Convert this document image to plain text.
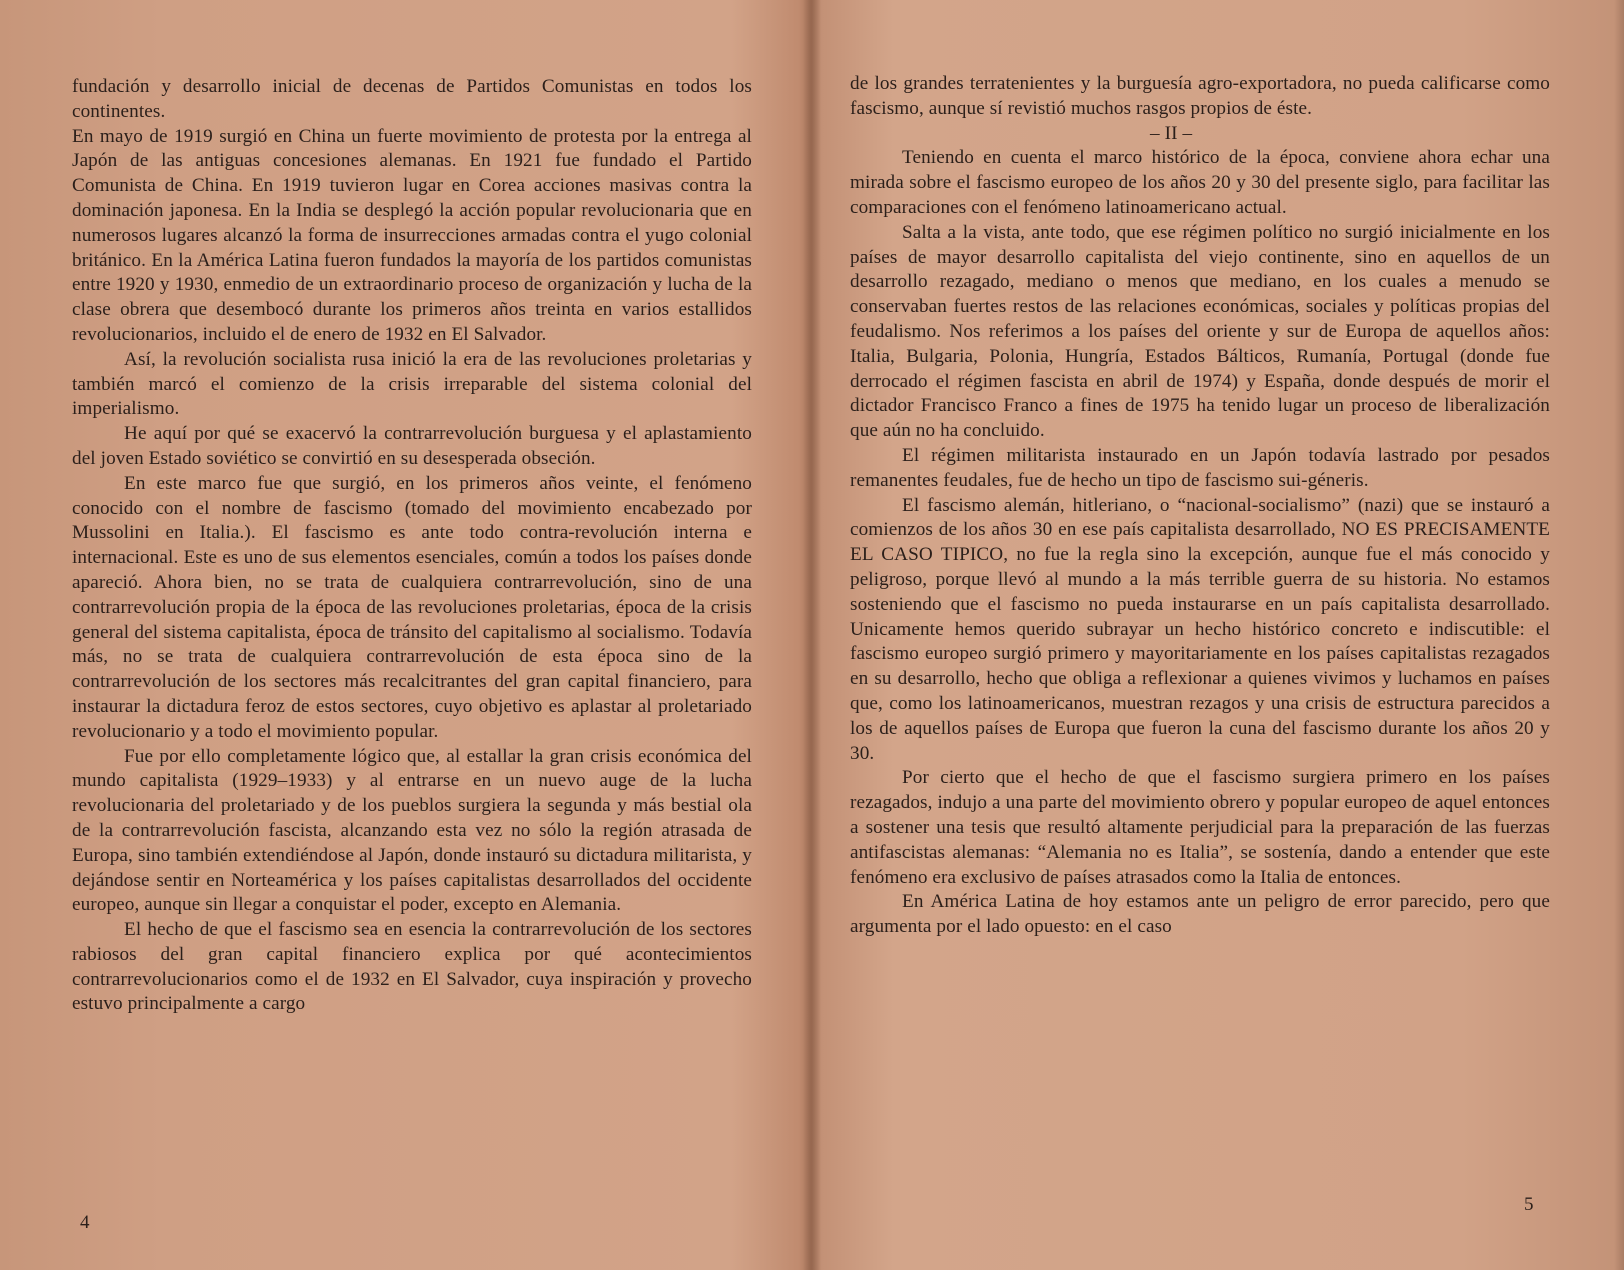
fundación y desarrollo inicial de decenas de Partidos Comunistas en todos los continentes.

En mayo de 1919 surgió en China un fuerte movimiento de protesta por la entrega al Japón de las antiguas concesiones alemanas. En 1921 fue fundado el Partido Comunista de China. En 1919 tuvieron lugar en Corea acciones masivas contra la dominación japonesa. En la India se desplegó la acción popular revolucionaria que en numerosos lugares alcanzó la forma de insurrecciones armadas contra el yugo colonial británico. En la América Latina fueron fundados la mayoría de los partidos comunistas entre 1920 y 1930, enmedio de un extraordinario proceso de organización y lucha de la clase obrera que desembocó durante los primeros años treinta en varios estallidos revolucionarios, incluido el de enero de 1932 en El Salvador.

Así, la revolución socialista rusa inició la era de las revoluciones proletarias y también marcó el comienzo de la crisis irreparable del sistema colonial del imperialismo.

He aquí por qué se exacervó la contrarrevolución burguesa y el aplastamiento del joven Estado soviético se convirtió en su desesperada obseción.

En este marco fue que surgió, en los primeros años veinte, el fenómeno conocido con el nombre de fascismo (tomado del movimiento encabezado por Mussolini en Italia.). El fascismo es ante todo contra-revolución interna e internacional. Este es uno de sus elementos esenciales, común a todos los países donde apareció. Ahora bien, no se trata de cualquiera contrarrevolución, sino de una contrarrevolución propia de la época de las revoluciones proletarias, época de la crisis general del sistema capitalista, época de tránsito del capitalismo al socialismo. Todavía más, no se trata de cualquiera contrarrevolución de esta época sino de la contrarrevolución de los sectores más recalcitrantes del gran capital financiero, para instaurar la dictadura feroz de estos sectores, cuyo objetivo es aplastar al proletariado revolucionario y a todo el movimiento popular.

Fue por ello completamente lógico que, al estallar la gran crisis económica del mundo capitalista (1929–1933) y al entrarse en un nuevo auge de la lucha revolucionaria del proletariado y de los pueblos surgiera la segunda y más bestial ola de la contrarrevolución fascista, alcanzando esta vez no sólo la región atrasada de Europa, sino también extendiéndose al Japón, donde instauró su dictadura militarista, y dejándose sentir en Norteamérica y los países capitalistas desarrollados del occidente europeo, aunque sin llegar a conquistar el poder, excepto en Alemania.

El hecho de que el fascismo sea en esencia la contrarrevolución de los sectores rabiosos del gran capital financiero explica por qué acontecimientos contrarrevolucionarios como el de 1932 en El Salvador, cuya inspiración y provecho estuvo principalmente a cargo

4

de los grandes terratenientes y la burguesía agro-exportadora, no pueda calificarse como fascismo, aunque sí revistió muchos rasgos propios de éste.

– II –

Teniendo en cuenta el marco histórico de la época, conviene ahora echar una mirada sobre el fascismo europeo de los años 20 y 30 del presente siglo, para facilitar las comparaciones con el fenómeno latinoamericano actual.

Salta a la vista, ante todo, que ese régimen político no surgió inicialmente en los países de mayor desarrollo capitalista del viejo continente, sino en aquellos de un desarrollo rezagado, mediano o menos que mediano, en los cuales a menudo se conservaban fuertes restos de las relaciones económicas, sociales y políticas propias del feudalismo. Nos referimos a los países del oriente y sur de Europa de aquellos años: Italia, Bulgaria, Polonia, Hungría, Estados Bálticos, Rumanía, Portugal (donde fue derrocado el régimen fascista en abril de 1974) y España, donde después de morir el dictador Francisco Franco a fines de 1975 ha tenido lugar un proceso de liberalización que aún no ha concluido.

El régimen militarista instaurado en un Japón todavía lastrado por pesados remanentes feudales, fue de hecho un tipo de fascismo sui-géneris.

El fascismo alemán, hitleriano, o “nacional-socialismo” (nazi) que se instauró a comienzos de los años 30 en ese país capitalista desarrollado, NO ES PRECISAMENTE EL CASO TIPICO, no fue la regla sino la excepción, aunque fue el más conocido y peligroso, porque llevó al mundo a la más terrible guerra de su historia. No estamos sosteniendo que el fascismo no pueda instaurarse en un país capitalista desarrollado. Unicamente hemos querido subrayar un hecho histórico concreto e indiscutible: el fascismo europeo surgió primero y mayoritariamente en los países capitalistas rezagados en su desarrollo, hecho que obliga a reflexionar a quienes vivimos y luchamos en países que, como los latinoamericanos, muestran rezagos y una crisis de estructura parecidos a los de aquellos países de Europa que fueron la cuna del fascismo durante los años 20 y 30.

Por cierto que el hecho de que el fascismo surgiera primero en los países rezagados, indujo a una parte del movimiento obrero y popular europeo de aquel entonces a sostener una tesis que resultó altamente perjudicial para la preparación de las fuerzas antifascistas alemanas: “Alemania no es Italia”, se sostenía, dando a entender que este fenómeno era exclusivo de países atrasados como la Italia de entonces.

En América Latina de hoy estamos ante un peligro de error parecido, pero que argumenta por el lado opuesto: en el caso

5
